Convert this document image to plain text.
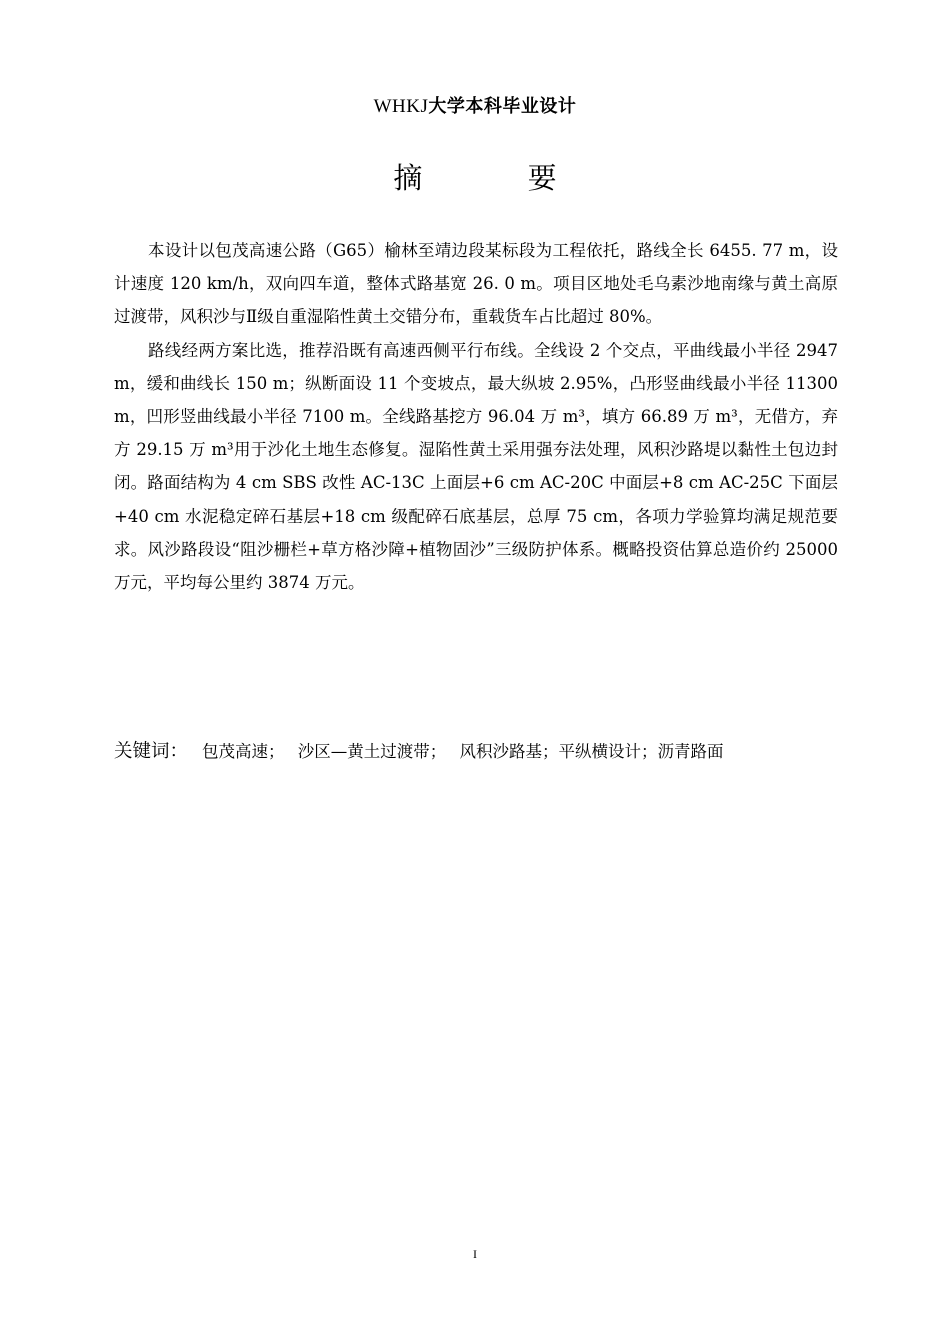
WHKJ大学本科毕业设计
摘 要

本设计以包茂高速公路（G65）榆林至靖边段某标段为工程依托，路线全长 6455. 77 m，设计速度 120 km/h，双向四车道，整体式路基宽 26. 0 m。项目区地处毛乌素沙地南缘与黄土高原过渡带，风积沙与Ⅱ级自重湿陷性黄土交错分布，重载货车占比超过 80%。

路线经两方案比选，推荐沿既有高速西侧平行布线。全线设 2 个交点，平曲线最小半径 2947 m，缓和曲线长 150 m；纵断面设 11 个变坡点，最大纵坡 2.95%，凸形竖曲线最小半径 11300 m，凹形竖曲线最小半径 7100 m。全线路基挖方 96.04 万 m³，填方 66.89 万 m³，无借方，弃方 29.15 万 m³用于沙化土地生态修复。湿陷性黄土采用强夯法处理，风积沙路堤以黏性土包边封闭。路面结构为 4 cm SBS 改性 AC-13C 上面层+6 cm AC-20C 中面层+8 cm AC-25C 下面层+40 cm 水泥稳定碎石基层+18 cm 级配碎石底基层，总厚 75 cm，各项力学验算均满足规范要求。风沙路段设“阻沙栅栏+草方格沙障+植物固沙”三级防护体系。概略投资估算总造价约 25000 万元，平均每公里约 3874 万元。

关键词： 包茂高速； 沙区—黄土过渡带； 风积沙路基；平纵横设计；沥青路面
I
